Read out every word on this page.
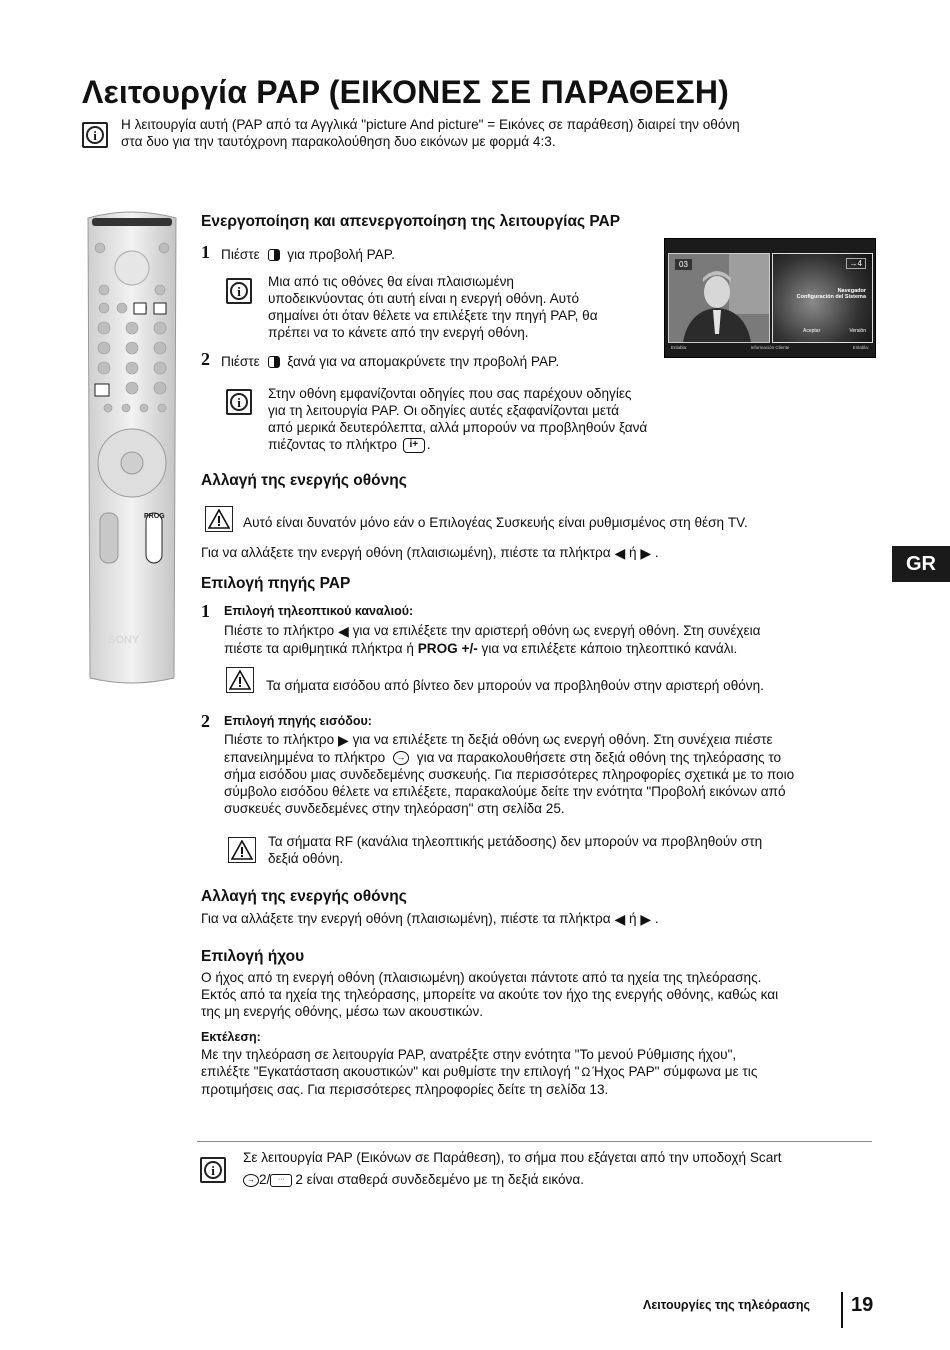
Λειτουργία PAP (ΕΙΚΟΝΕΣ ΣΕ ΠΑΡΑΘΕΣΗ)
i
Η λειτουργία αυτή (PAP από τα Αγγλικά "picture And picture" = Εικόνες σε παράθεση) διαιρεί την οθόνη
στα δυο για την ταυτόχρονη παρακολούθηση δυο εικόνων με φορμά 4:3.
PROG
SONY
Ενεργοποίηση και απενεργοποίηση της λειτουργίας PAP
1 Πιέστε για προβολή PAP.
i
Μια από τις οθόνες θα είναι πλαισιωμένη
υποδεικνύοντας ότι αυτή είναι η ενεργή οθόνη. Αυτό
σημαίνει ότι όταν θέλετε να επιλέξετε την πηγή PAP, θα
πρέπει να το κάνετε από την ενεργή οθόνη.
2 Πιέστε ξανά για να απομακρύνετε την προβολή PAP.
i
Στην οθόνη εμφανίζονται οδηγίες που σας παρέχουν οδηγίες
για τη λειτουργία PAP. Οι οδηγίες αυτές εξαφανίζονται μετά
από μερικά δευτερόλεπτα, αλλά μπορούν να προβληθούν ξανά
πιέζοντας το πλήκτρο i+ .
03	→4
Navegador
Configuración del Sistema
Aceptar	Versión
Enlabla:	Información Cliente	Enlabla:
Αλλαγή της ενεργής οθόνης
Αυτό είναι δυνατόν μόνο εάν ο Επιλογέας Συσκευής είναι ρυθμισμένος στη θέση TV.
Για να αλλάξετε την ενεργή οθόνη (πλαισιωμένη), πιέστε τα πλήκτρα ◀ ή ▶ .	GR
Επιλογή πηγής PAP
1 Επιλογή τηλεοπτικού καναλιού:
Πιέστε το πλήκτρο ◀ για να επιλέξετε την αριστερή οθόνη ως ενεργή οθόνη. Στη συνέχεια
πιέστε τα αριθμητικά πλήκτρα ή PROG +/- για να επιλέξετε κάποιο τηλεοπτικό κανάλι.
Τα σήματα εισόδου από βίντεο δεν μπορούν να προβληθούν στην αριστερή οθόνη.
2 Επιλογή πηγής εισόδου:
Πιέστε το πλήκτρο ▶ για να επιλέξετε τη δεξιά οθόνη ως ενεργή οθόνη. Στη συνέχεια πιέστε
επανειλημμένα το πλήκτρο → για να παρακολουθήσετε στη δεξιά οθόνη της τηλεόρασης το
σήμα εισόδου μιας συνδεδεμένης συσκευής. Για περισσότερες πληροφορίες σχετικά με το ποιο
σύμβολο εισόδου θέλετε να επιλέξετε, παρακαλούμε δείτε την ενότητα "Προβολή εικόνων από
συσκευές συνδεδεμένες στην τηλεόραση" στη σελίδα 25.
Τα σήματα RF (κανάλια τηλεοπτικής μετάδοσης) δεν μπορούν να προβληθούν στη
δεξιά οθόνη.
Αλλαγή της ενεργής οθόνης
Για να αλλάξετε την ενεργή οθόνη (πλαισιωμένη), πιέστε τα πλήκτρα ◀ ή ▶ .
Επιλογή ήχου
Ο ήχος από τη ενεργή οθόνη (πλαισιωμένη) ακούγεται πάντοτε από τα ηχεία της τηλεόρασης.
Εκτός από τα ηχεία της τηλεόρασης, μπορείτε να ακούτε τον ήχο της ενεργής οθόνης, καθώς και
της μη ενεργής οθόνης, μέσω των ακουστικών.
Εκτέλεση:
Με την τηλεόραση σε λειτουργία PAP, ανατρέξτε στην ενότητα "Το μενού Ρύθμισης ήχου",
επιλέξτε "Εγκατάσταση ακουστικών" και ρυθμίστε την επιλογή " Ω Ήχος PAP" σύμφωνα με τις
προτιμήσεις σας. Για περισσότερες πληροφορίες δείτε τη σελίδα 13.
i
Σε λειτουργία PAP (Εικόνων σε Παράθεση), το σήμα που εξάγεται από την υποδοχή Scart
→ 2/ ··· 2 είναι σταθερά συνδεδεμένο με τη δεξιά εικόνα.
Λειτουργίες της τηλεόρασης 19
